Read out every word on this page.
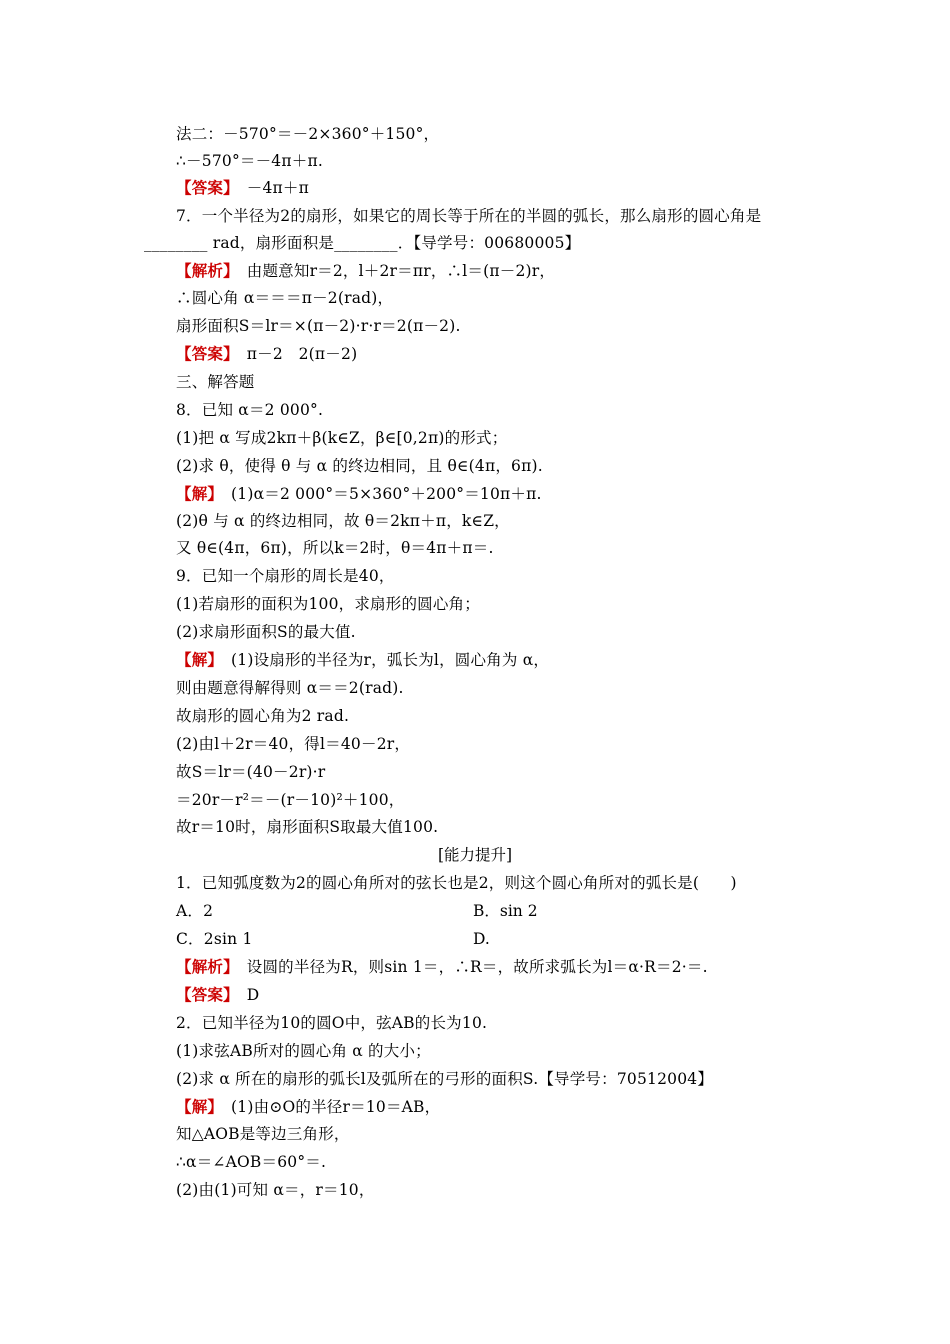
法二：－570°＝－2×360°＋150°，
∴－570°＝－4π＋π.
【答案】　－4π＋π
7．一个半径为2的扇形，如果它的周长等于所在的半圆的弧长，那么扇形的圆心角是
________ rad，扇形面积是________．【导学号：00680005】
【解析】　由题意知r＝2，l＋2r＝πr，∴l＝(π－2)r，
∴圆心角 α＝＝＝π－2(rad)，
扇形面积S＝lr＝×(π－2)·r·r＝2(π－2).
【答案】　π－2　2(π－2)
三、解答题
8．已知 α＝2 000°.
(1)把 α 写成2kπ＋β(k∈Z，β∈[0,2π)的形式；
(2)求 θ，使得 θ 与 α 的终边相同，且 θ∈(4π，6π).
【解】　(1)α＝2 000°＝5×360°＋200°＝10π＋π.
(2)θ 与 α 的终边相同，故 θ＝2kπ＋π，k∈Z，
又 θ∈(4π，6π)，所以k＝2时，θ＝4π＋π＝.
9．已知一个扇形的周长是40，
(1)若扇形的面积为100，求扇形的圆心角；
(2)求扇形面积S的最大值.
【解】　(1)设扇形的半径为r，弧长为l，圆心角为 α，
则由题意得解得则 α＝＝2(rad).
故扇形的圆心角为2 rad.
(2)由l＋2r＝40，得l＝40－2r，
故S＝lr＝(40－2r)·r
＝20r－r²＝－(r－10)²＋100，
故r＝10时，扇形面积S取最大值100.
[能力提升]
1．已知弧度数为2的圆心角所对的弦长也是2，则这个圆心角所对的弧长是(　　)
A．2	B．sin 2
C．2sin 1	D.
【解析】　设圆的半径为R，则sin 1＝，∴R＝，故所求弧长为l＝α·R＝2·＝.
【答案】　D
2．已知半径为10的圆O中，弦AB的长为10.
(1)求弦AB所对的圆心角 α 的大小；
(2)求 α 所在的扇形的弧长l及弧所在的弓形的面积S.【导学号：70512004】
【解】　(1)由⊙O的半径r＝10＝AB，
知△AOB是等边三角形，
∴α＝∠AOB＝60°＝.
(2)由(1)可知 α＝，r＝10，
